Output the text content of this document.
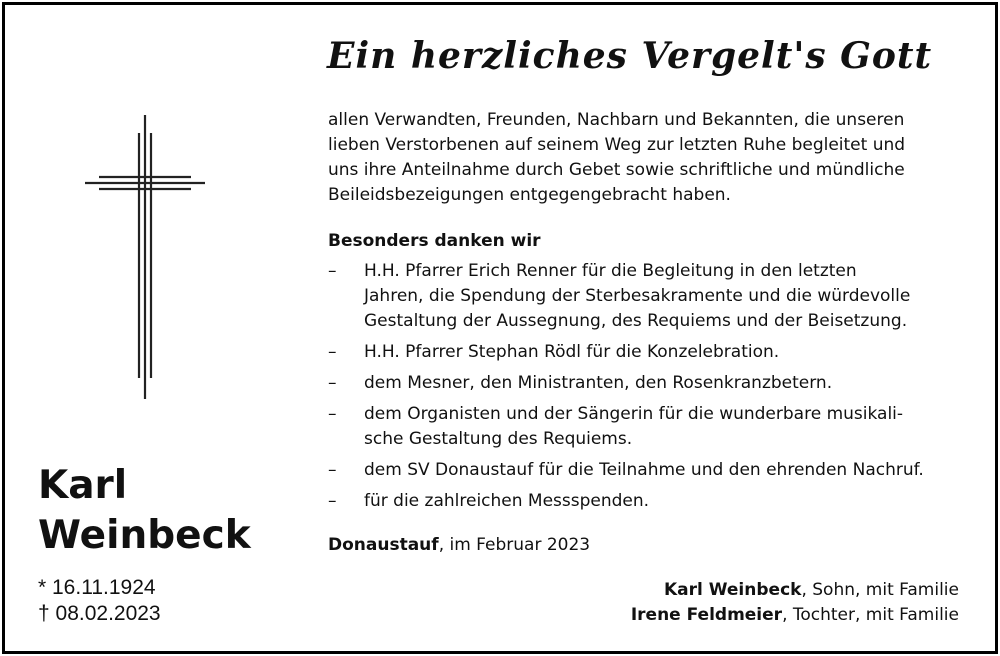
Karl
Weinbeck
* 16.11.1924
† 08.02.2023
Ein herzliches Vergelt's Gott
allen Verwandten, Freunden, Nachbarn und Bekannten, die unseren
lieben Verstorbenen auf seinem Weg zur letzten Ruhe begleitet und
uns ihre Anteilnahme durch Gebet sowie schriftliche und mündliche
Beileidsbezeigungen entgegengebracht haben.
Besonders danken wir
– H.H. Pfarrer Erich Renner für die Begleitung in den letzten
Jahren, die Spendung der Sterbesakramente und die würdevolle
Gestaltung der Aussegnung, des Requiems und der Beisetzung.
– H.H. Pfarrer Stephan Rödl für die Konzelebration.
– dem Mesner, den Ministranten, den Rosenkranzbetern.
– dem Organisten und der Sängerin für die wunderbare musikali-
sche Gestaltung des Requiems.
– dem SV Donaustauf für die Teilnahme und den ehrenden Nachruf.
– für die zahlreichen Messspenden.
Donaustauf, im Februar 2023
Karl Weinbeck, Sohn, mit Familie
Irene Feldmeier, Tochter, mit Familie
